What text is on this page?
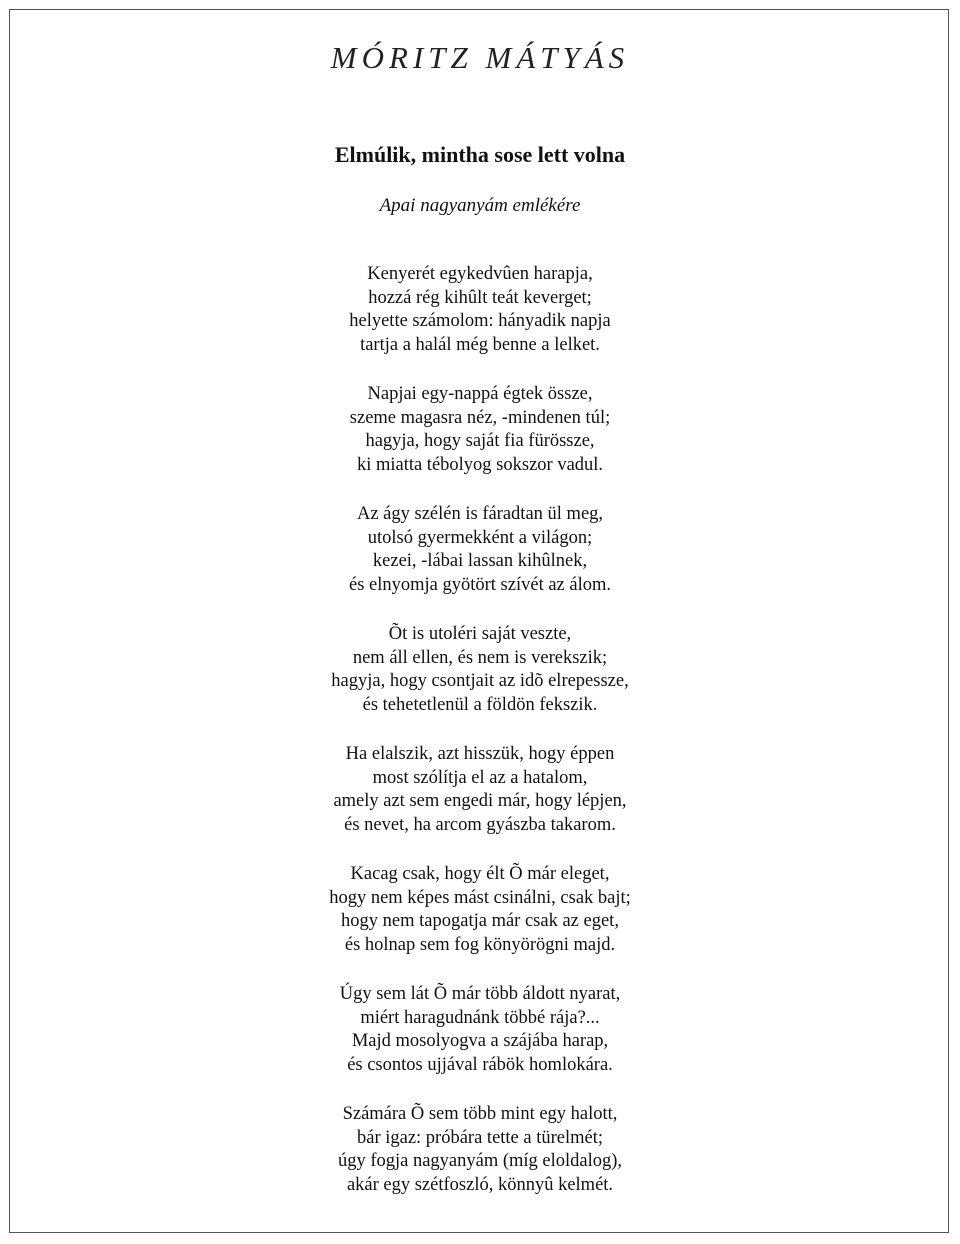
MÓRITZ MÁTYÁS
Elmúlik, mintha sose lett volna
Apai nagyanyám emlékére
Kenyerét egykedvûen harapja,
hozzá rég kihûlt teát keverget;
helyette számolom: hányadik napja
tartja a halál még benne a lelket.
Napjai egy-nappá égtek össze,
szeme magasra néz, -mindenen túl;
hagyja, hogy saját fia fürössze,
ki miatta tébolyog sokszor vadul.
Az ágy szélén is fáradtan ül meg,
utolsó gyermekként a világon;
kezei, -lábai lassan kihûlnek,
és elnyomja gyötört szívét az álom.
Õt is utoléri saját veszte,
nem áll ellen, és nem is verekszik;
hagyja, hogy csontjait az idõ elrepessze,
és tehetetlenül a földön fekszik.
Ha elalszik, azt hisszük, hogy éppen
most szólítja el az a hatalom,
amely azt sem engedi már, hogy lépjen,
és nevet, ha arcom gyászba takarom.
Kacag csak, hogy élt Õ már eleget,
hogy nem képes mást csinálni, csak bajt;
hogy nem tapogatja már csak az eget,
és holnap sem fog könyörögni majd.
Úgy sem lát Õ már több áldott nyarat,
miért haragudnánk többé rája?...
Majd mosolyogva a szájába harap,
és csontos ujjával rábök homlokára.
Számára Õ sem több mint egy halott,
bár igaz: próbára tette a türelmét;
úgy fogja nagyanyám (míg eloldalog),
akár egy szétfoszló, könnyû kelmét.
